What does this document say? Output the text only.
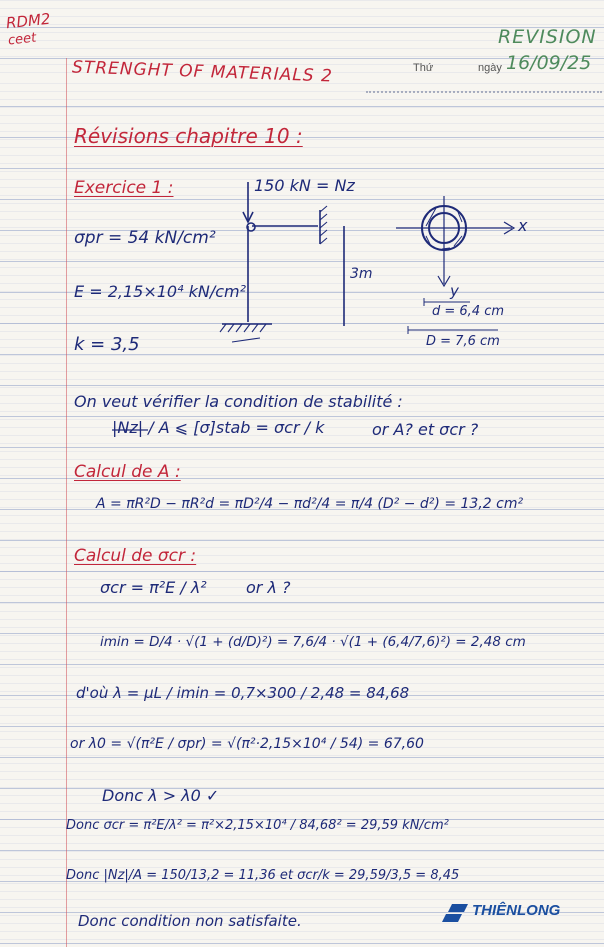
RDM2
ceet
STRENGHT OF MATERIALS 2
REVISION
Thứ	ngày 16/09/25
Révisions chapitre 10 :
Exercice 1 :
σpr = 54 kN/cm²
E = 2,15×10⁴ kN/cm²
k = 3,5
150 kN = Nz
3m
x
y
d = 6,4 cm
D = 7,6 cm
On veut vérifier la condition de stabilité :
|Nz| / A ⩽ [σ]stab = σcr / k	or A? et σcr ?
Calcul de A :
A = πR²D − πR²d = πD²/4 − πd²/4 = π/4 (D² − d²) = 13,2 cm²
Calcul de σcr :
σcr = π²E / λ² or λ ?
imin = D/4 · √(1 + (d/D)²) = 7,6/4 · √(1 + (6,4/7,6)²) = 2,48 cm
d'où λ = μL / imin = 0,7×300 / 2,48 = 84,68
or λ0 = √(π²E / σpr) = √(π²·2,15×10⁴ / 54) = 67,60
Donc λ > λ0 ✓
Donc σcr = π²E/λ² = π²×2,15×10⁴ / 84,68² = 29,59 kN/cm²
Donc |Nz|/A = 150/13,2 = 11,36 et σcr/k = 29,59/3,5 = 8,45
Donc condition non satisfaite.
THIÊNLONG
